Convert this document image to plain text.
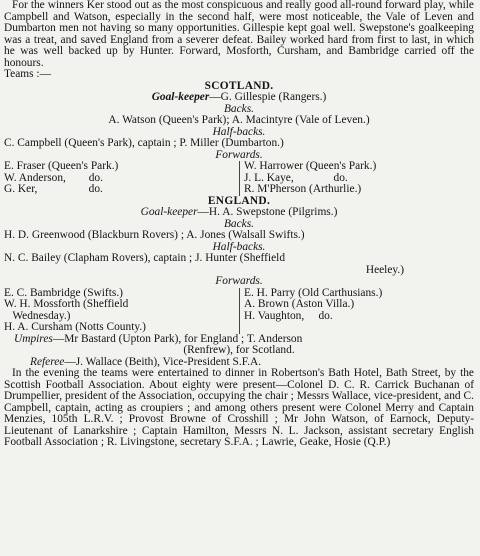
For the winners Ker stood out as the most conspicuous and really good all-round forward play, while Campbell and Watson, especially in the second half, were most noticeable, the Vale of Leven and Dumbarton men not having so many opportunities. Gillespie kept goal well. Swepstone's goalkeeping was a treat, and saved England from a severer defeat. Bailey worked hard from first to last, in which he was well backed up by Hunter. Forward, Mosforth, Cursham, and Bambridge carried off the honours.

Teams :—

SCOTLAND.

Goal-keeper—G. Gillespie (Rangers.)

Backs.

A. Watson (Queen's Park); A. Macintyre (Vale of Leven.)

Half-backs.

C. Campbell (Queen's Park), captain ; P. Miller (Dumbarton.)

Forwards.

E. Fraser (Queen's Park.)
W. Anderson,        do.
G. Ker,                  do.
W. Harrower (Queen's Park.)
J. L. Kaye,              do.
R. M'Pherson (Arthurlie.)

ENGLAND.

Goal-keeper—H. A. Swepstone (Pilgrims.)

Backs.

H. D. Greenwood (Blackburn Rovers) ; A. Jones (Walsall Swifts.)

Half-backs.

N. C. Bailey (Clapham Rovers), captain ; J. Hunter (Sheffield

Heeley.)

Forwards.

E. C. Bambridge (Swifts.)
W. H. Mossforth (Sheffield
Wednesday.)
H. A. Cursham (Notts County.)
E. H. Parry (Old Carthusians.)
A. Brown (Aston Villa.)
H. Vaughton,     do.

Umpires—Mr Bastard (Upton Park), for England ; T. Anderson

(Renfrew), for Scotland.

Referee—J. Wallace (Beith), Vice-President S.F.A.

In the evening the teams were entertained to dinner in Robertson's Bath Hotel, Bath Street, by the Scottish Football Association. About eighty were present—Colonel D. C. R. Carrick Buchanan of Drumpellier, president of the Association, occupying the chair ; Messrs Wallace, vice-president, and C. Campbell, captain, acting as croupiers ; and among others present were Colonel Merry and Captain Menzies, 105th L.R.V. ; Provost Browne of Crosshill ; Mr John Watson, of Earnock, Deputy-Lieutenant of Lanarkshire ; Captain Hamilton, Messrs N. L. Jackson, assistant secretary English Football Association ; R. Livingstone, secretary S.F.A. ; Lawrie, Geake, Hosie (Q.P.)
